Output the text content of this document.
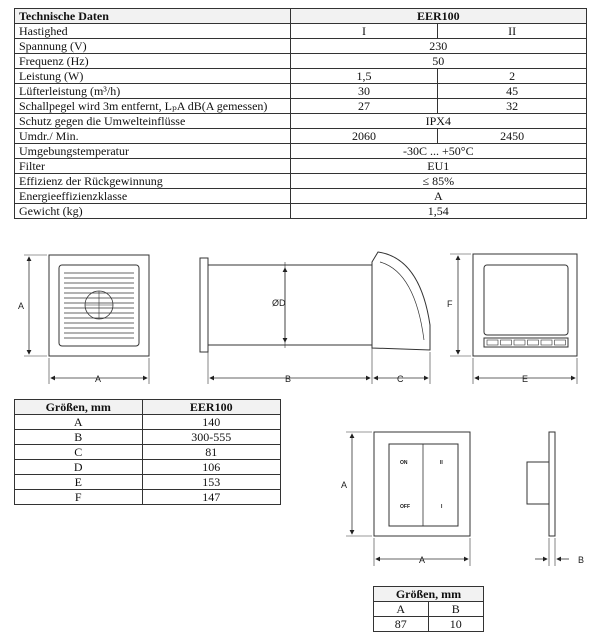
Technische Daten	EER100	
Hastighed	I	II
Spannung (V)	230	
Frequenz (Hz)	50	
Leistung (W)	1,5	2
Lüfterleistung (m³/h)	30	45
Schallpegel wird 3m entfernt, LₚA dB(A gemessen)	27	32
Schutz gegen die Umwelteinflüsse	IPX4	
Umdr./ Min.	2060	2450
Umgebungstemperatur	-30C ... +50°C	
Filter	EU1	
Effizienz der Rückgewinnung	≤ 85%	
Energieeffizienzklasse	A	
Gewicht (kg)	1,54	
A
A
ØD
B	C
F
E
ON	II
OFF	I
A
A	B
Größen, mm	EER100
A	140
B	300-555
C	81
D	106
E	153
F	147
Größen, mm	
A	B
87	10
